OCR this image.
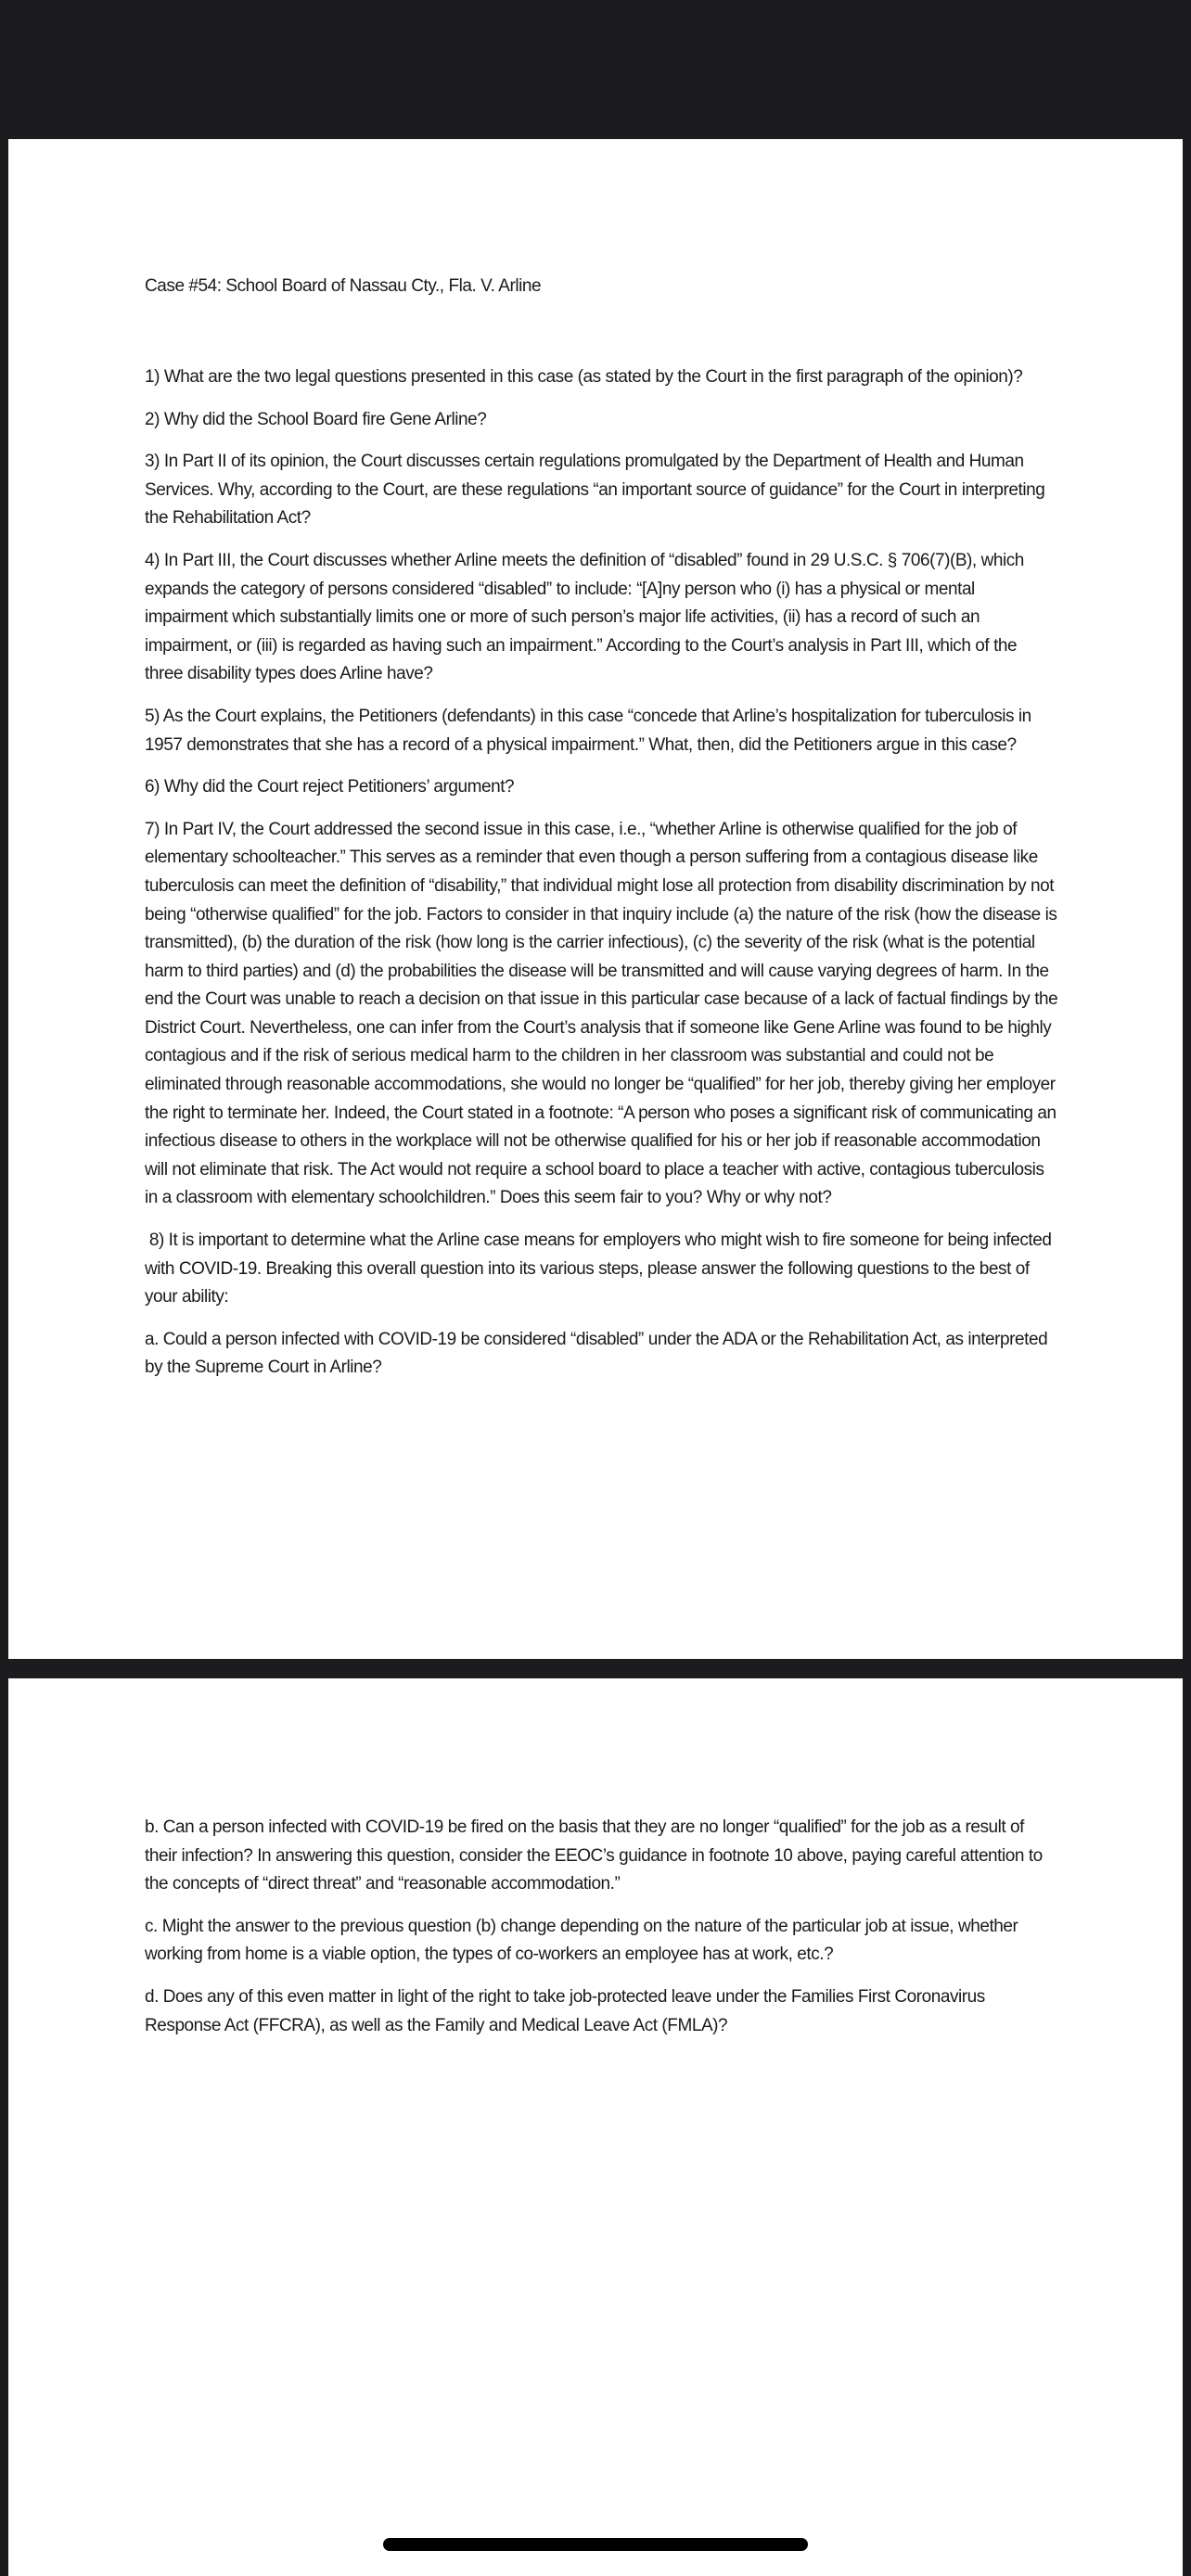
Case #54: School Board of Nassau Cty., Fla. V. Arline

1) What are the two legal questions presented in this case (as stated by the Court in the first paragraph of the opinion)?

2) Why did the School Board fire Gene Arline?

3) In Part II of its opinion, the Court discusses certain regulations promulgated by the Department of Health and Human Services. Why, according to the Court, are these regulations “an important source of guidance” for the Court in interpreting the Rehabilitation Act?

4) In Part III, the Court discusses whether Arline meets the definition of “disabled” found in 29 U.S.C. § 706(7)(B), which expands the category of persons considered “disabled” to include: “[A]ny person who (i) has a physical or mental impairment which substantially limits one or more of such person’s major life activities, (ii) has a record of such an impairment, or (iii) is regarded as having such an impairment.” According to the Court’s analysis in Part III, which of the three disability types does Arline have?

5) As the Court explains, the Petitioners (defendants) in this case “concede that Arline’s hospitalization for tuberculosis in 1957 demonstrates that she has a record of a physical impairment.” What, then, did the Petitioners argue in this case?

6) Why did the Court reject Petitioners’ argument?

7) In Part IV, the Court addressed the second issue in this case, i.e., “whether Arline is otherwise qualified for the job of elementary schoolteacher.” This serves as a reminder that even though a person suffering from a contagious disease like tuberculosis can meet the definition of “disability,” that individual might lose all protection from disability discrimination by not being “otherwise qualified” for the job. Factors to consider in that inquiry include (a) the nature of the risk (how the disease is transmitted), (b) the duration of the risk (how long is the carrier infectious), (c) the severity of the risk (what is the potential harm to third parties) and (d) the probabilities the disease will be transmitted and will cause varying degrees of harm. In the end the Court was unable to reach a decision on that issue in this particular case because of a lack of factual findings by the District Court. Nevertheless, one can infer from the Court’s analysis that if someone like Gene Arline was found to be highly contagious and if the risk of serious medical harm to the children in her classroom was substantial and could not be eliminated through reasonable accommodations, she would no longer be “qualified” for her job, thereby giving her employer the right to terminate her. Indeed, the Court stated in a footnote: “A person who poses a significant risk of communicating an infectious disease to others in the workplace will not be otherwise qualified for his or her job if reasonable accommodation will not eliminate that risk. The Act would not require a school board to place a teacher with active, contagious tuberculosis in a classroom with elementary schoolchildren.” Does this seem fair to you? Why or why not?

8) It is important to determine what the Arline case means for employers who might wish to fire someone for being infected with COVID-19. Breaking this overall question into its various steps, please answer the following questions to the best of your ability:

a. Could a person infected with COVID-19 be considered “disabled” under the ADA or the Rehabilitation Act, as interpreted by the Supreme Court in Arline?

b. Can a person infected with COVID-19 be fired on the basis that they are no longer “qualified” for the job as a result of their infection? In answering this question, consider the EEOC’s guidance in footnote 10 above, paying careful attention to the concepts of “direct threat” and “reasonable accommodation.”

c. Might the answer to the previous question (b) change depending on the nature of the particular job at issue, whether working from home is a viable option, the types of co-workers an employee has at work, etc.?

d. Does any of this even matter in light of the right to take job-protected leave under the Families First Coronavirus Response Act (FFCRA), as well as the Family and Medical Leave Act (FMLA)?
